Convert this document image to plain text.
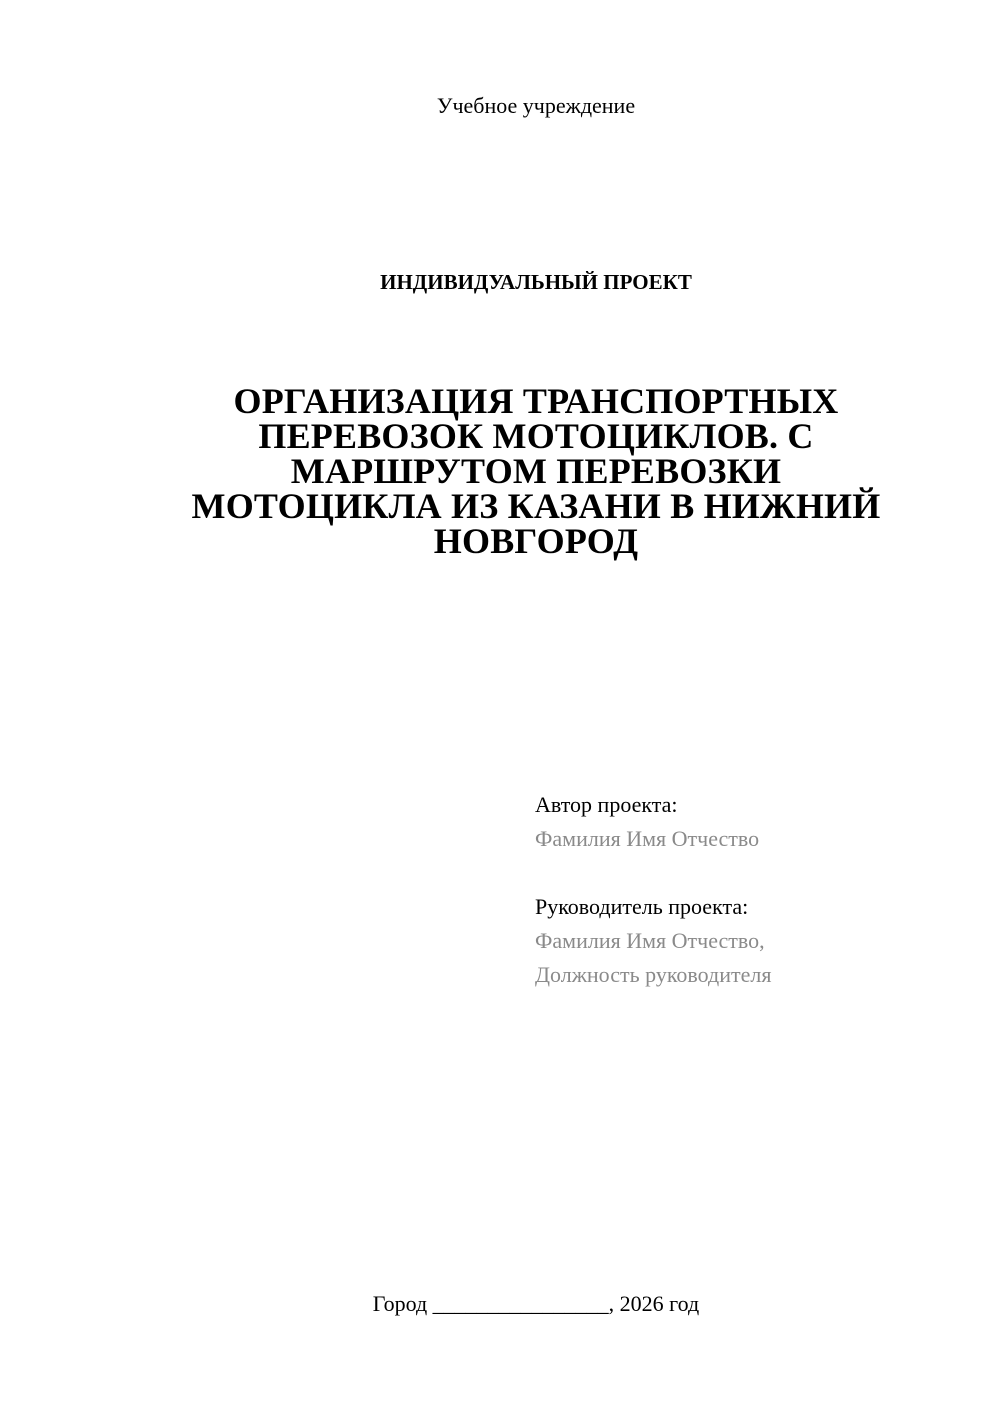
Учебное учреждение
ИНДИВИДУАЛЬНЫЙ ПРОЕКТ
ОРГАНИЗАЦИЯ ТРАНСПОРТНЫХ
ПЕРЕВОЗОК МОТОЦИКЛОВ. С
МАРШРУТОМ ПЕРЕВОЗКИ
МОТОЦИКЛА ИЗ КАЗАНИ В НИЖНИЙ
НОВГОРОД
Автор проекта:
Фамилия Имя Отчество
Руководитель проекта:
Фамилия Имя Отчество,
Должность руководителя
Город ________________, 2026 год
